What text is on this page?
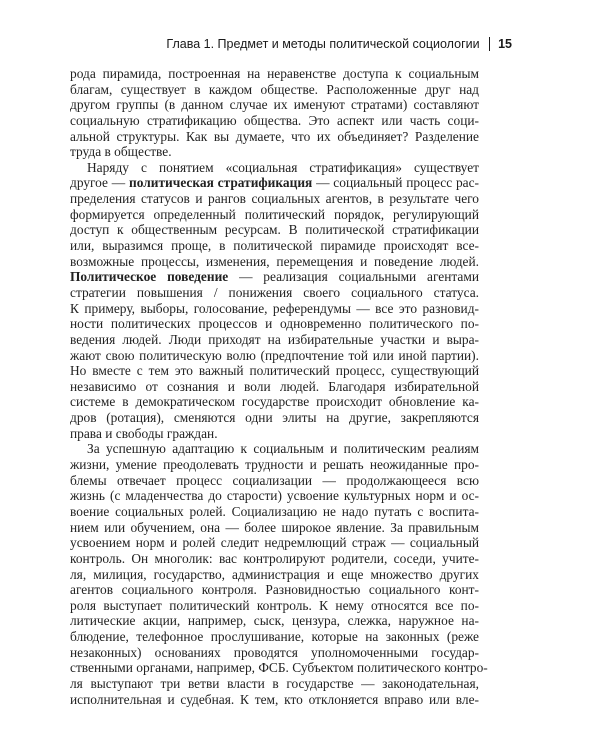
Глава 1. Предмет и методы политической социологии 15
рода пирамида, построенная на неравенстве доступа к социальным
благам, существует в каждом обществе. Расположенные друг над
другом группы (в данном случае их именуют стратами) составляют
социальную стратификацию общества. Это аспект или часть соци-
альной структуры. Как вы думаете, что их объединяет? Разделение
труда в обществе.
Наряду с понятием «социальная стратификация» существует
другое — политическая стратификация — социальный процесс рас-
пределения статусов и рангов социальных агентов, в результате чего
формируется определенный политический порядок, регулирующий
доступ к общественным ресурсам. В политической стратификации
или, выразимся проще, в политической пирамиде происходят все-
возможные процессы, изменения, перемещения и поведение людей.
Политическое поведение — реализация социальными агентами
стратегии повышения / понижения своего социального статуса.
К примеру, выборы, голосование, референдумы — все это разновид-
ности политических процессов и одновременно политического по-
ведения людей. Люди приходят на избирательные участки и выра-
жают свою политическую волю (предпочтение той или иной партии).
Но вместе с тем это важный политический процесс, существующий
независимо от сознания и воли людей. Благодаря избирательной
системе в демократическом государстве происходит обновление ка-
дров (ротация), сменяются одни элиты на другие, закрепляются
права и свободы граждан.
За успешную адаптацию к социальным и политическим реалиям
жизни, умение преодолевать трудности и решать неожиданные про-
блемы отвечает процесс социализации — продолжающееся всю
жизнь (с младенчества до старости) усвоение культурных норм и ос-
воение социальных ролей. Социализацию не надо путать с воспита-
нием или обучением, она — более широкое явление. За правильным
усвоением норм и ролей следит недремлющий страж — социальный
контроль. Он многолик: вас контролируют родители, соседи, учите-
ля, милиция, государство, администрация и еще множество других
агентов социального контроля. Разновидностью социального конт-
роля выступает политический контроль. К нему относятся все по-
литические акции, например, сыск, цензура, слежка, наружное на-
блюдение, телефонное прослушивание, которые на законных (реже
незаконных) основаниях проводятся уполномоченными государ-
ственными органами, например, ФСБ. Субъектом политического контро-
ля выступают три ветви власти в государстве — законодательная,
исполнительная и судебная. К тем, кто отклоняется вправо или вле-
